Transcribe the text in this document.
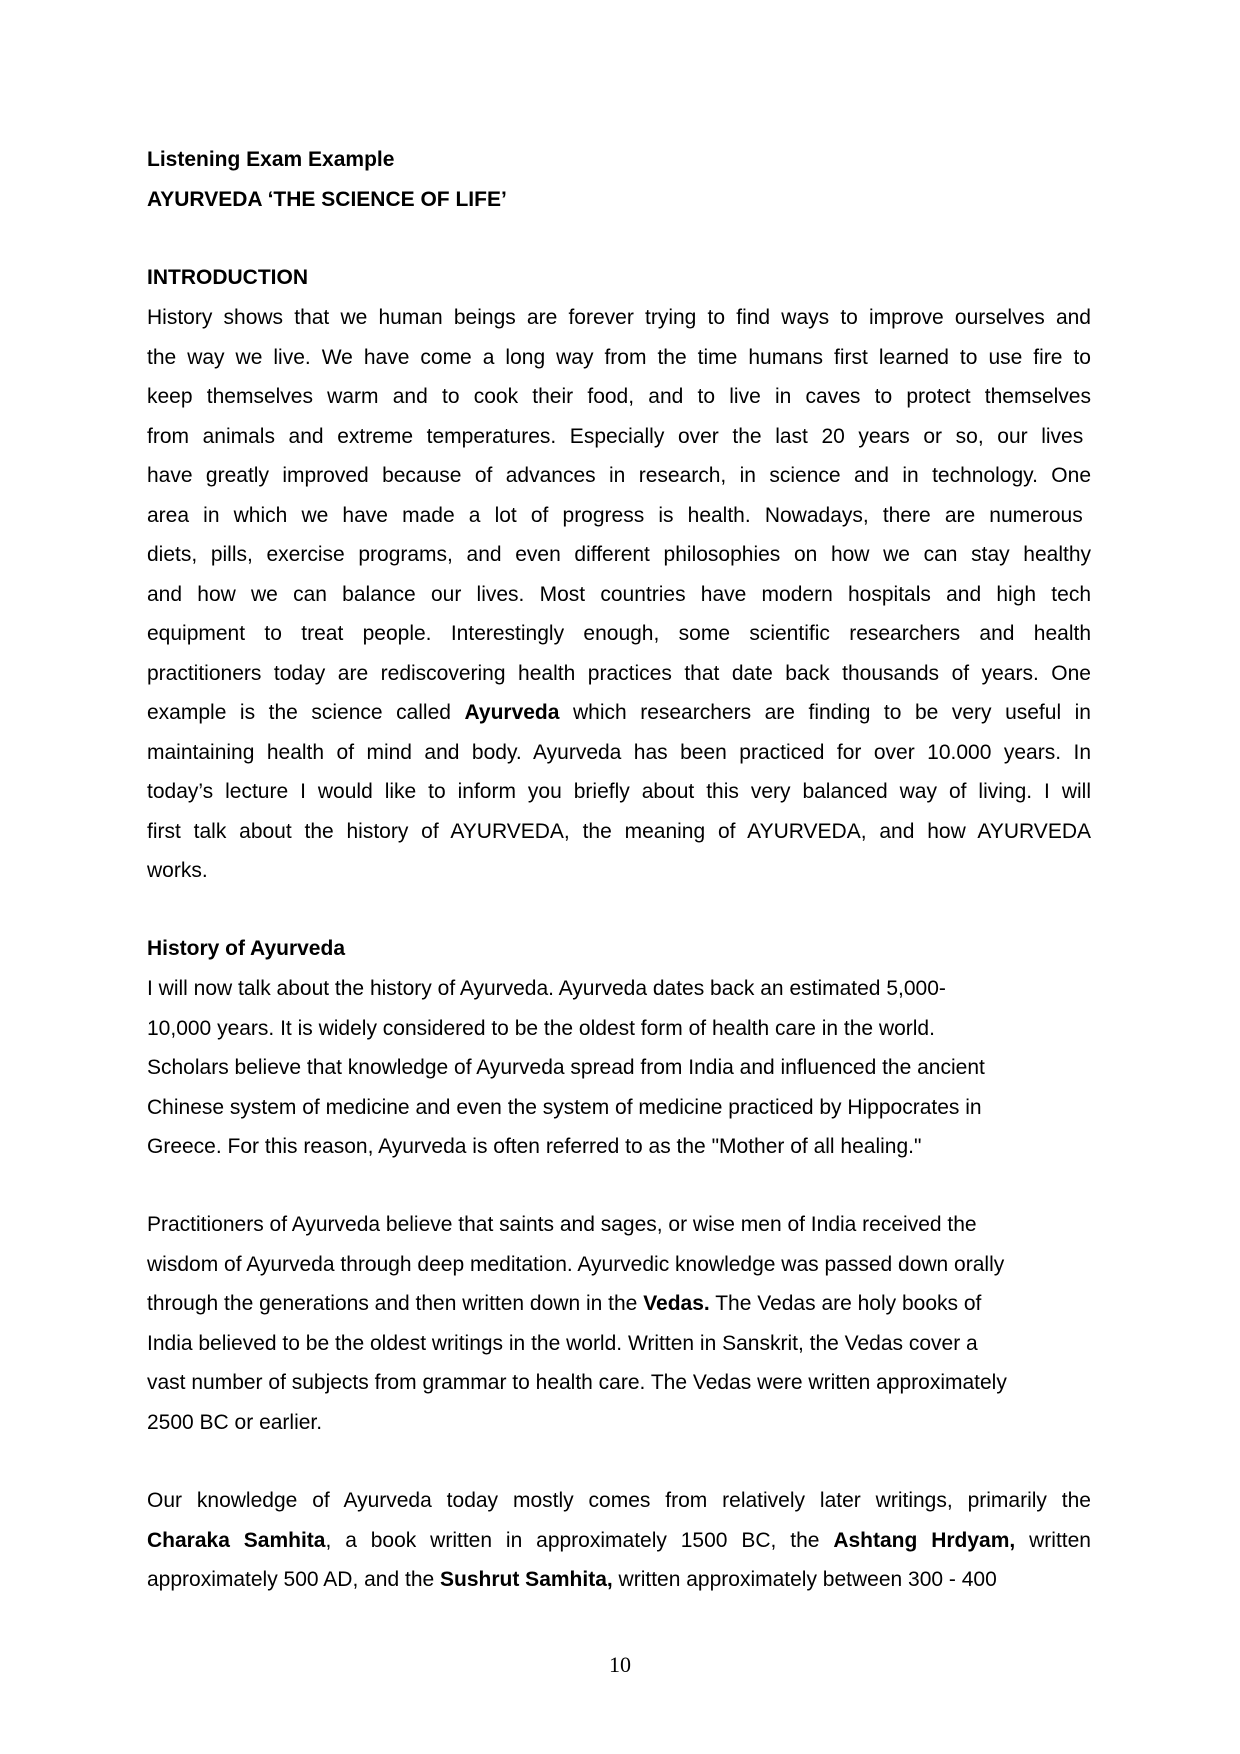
Listening Exam Example
AYURVEDA ‘THE SCIENCE OF LIFE’
INTRODUCTION
History shows that we human beings are forever trying to find ways to improve ourselves and
the way we live. We have come a long way from the time humans first learned to use fire to
keep themselves warm and to cook their food, and to live in caves to protect themselves
from animals and extreme temperatures. Especially over the last 20 years or so, our lives
have greatly improved because of advances in research, in science and in technology. One
area in which we have made a lot of progress is health. Nowadays, there are numerous
diets, pills, exercise programs, and even different philosophies on how we can stay healthy
and how we can balance our lives. Most countries have modern hospitals and high tech
equipment to treat people. Interestingly enough, some scientific researchers and health
practitioners today are rediscovering health practices that date back thousands of years. One
example is the science called Ayurveda which researchers are finding to be very useful in
maintaining health of mind and body. Ayurveda has been practiced for over 10.000 years. In
today’s lecture I would like to inform you briefly about this very balanced way of living. I will
first talk about the history of AYURVEDA, the meaning of AYURVEDA, and how AYURVEDA
works.
History of Ayurveda
I will now talk about the history of Ayurveda. Ayurveda dates back an estimated 5,000-
10,000 years. It is widely considered to be the oldest form of health care in the world.
Scholars believe that knowledge of Ayurveda spread from India and influenced the ancient
Chinese system of medicine and even the system of medicine practiced by Hippocrates in
Greece. For this reason, Ayurveda is often referred to as the "Mother of all healing."
Practitioners of Ayurveda believe that saints and sages, or wise men of India received the
wisdom of Ayurveda through deep meditation. Ayurvedic knowledge was passed down orally
through the generations and then written down in the Vedas. The Vedas are holy books of
India believed to be the oldest writings in the world. Written in Sanskrit, the Vedas cover a
vast number of subjects from grammar to health care. The Vedas were written approximately
2500 BC or earlier.
Our knowledge of Ayurveda today mostly comes from relatively later writings, primarily the
Charaka Samhita, a book written in approximately 1500 BC, the Ashtang Hrdyam, written
approximately 500 AD, and the Sushrut Samhita, written approximately between 300 - 400
10
